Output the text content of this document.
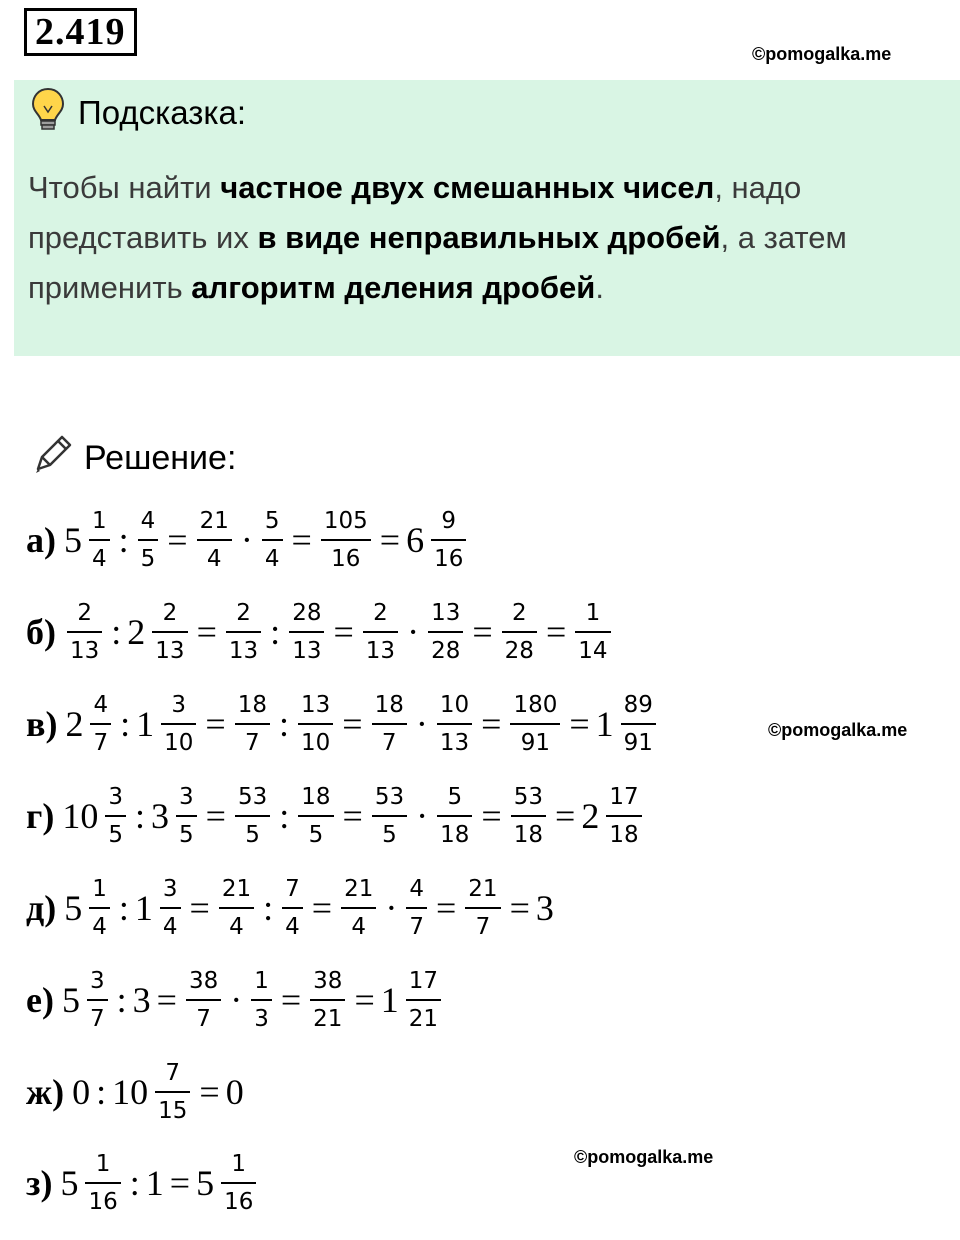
2.419
©pomogalka.me
Подсказка:
Чтобы найти частное двух смешанных чисел, надо представить их в виде неправильных дробей, а затем применить алгоритм деления дробей.
©pomogalka.me
©pomogalka.me
Решение:
а) $5 \frac{1}{4}$ : $\frac{4}{5} = \frac{21}{4} \cdot \frac{5}{4} = \frac{105}{16} = 6 \frac{9}{16}$
$б) \frac{2}{13}$ : $2 \frac{2}{13} = \frac{2}{13}$ : $\frac{28}{13} = \frac{2}{13} \cdot \frac{13}{28} = \frac{2}{28} = \frac{1}{14}$
в) $2 \frac{4}{7}$ : $1 \frac{3}{10} = \frac{18}{7}$ : $\frac{13}{10} = \frac{18}{7} \cdot \frac{10}{13} = \frac{180}{91} = 1 \frac{89}{91}$
г) $10 \frac{3}{5}$ : $3 \frac{3}{5} = \frac{53}{5}$ : $\frac{18}{5} = \frac{53}{5} \cdot \frac{5}{18} = \frac{53}{18} = 2 \frac{17}{18}$
д) $5 \frac{1}{4}$ : $1 \frac{3}{4} = \frac{21}{4}$ : $\frac{7}{4} = \frac{21}{4} \cdot \frac{4}{7} = \frac{21}{7} = 3$
е) $5 \frac{3}{7}$ : $3 = \frac{38}{7} \cdot \frac{1}{3} = \frac{38}{21} = 1 \frac{17}{21}$
ж) 0 : $10 \frac{7}{15} = 0$
з) $5 \frac{1}{16}$ : $1 = 5 \frac{1}{16}$
